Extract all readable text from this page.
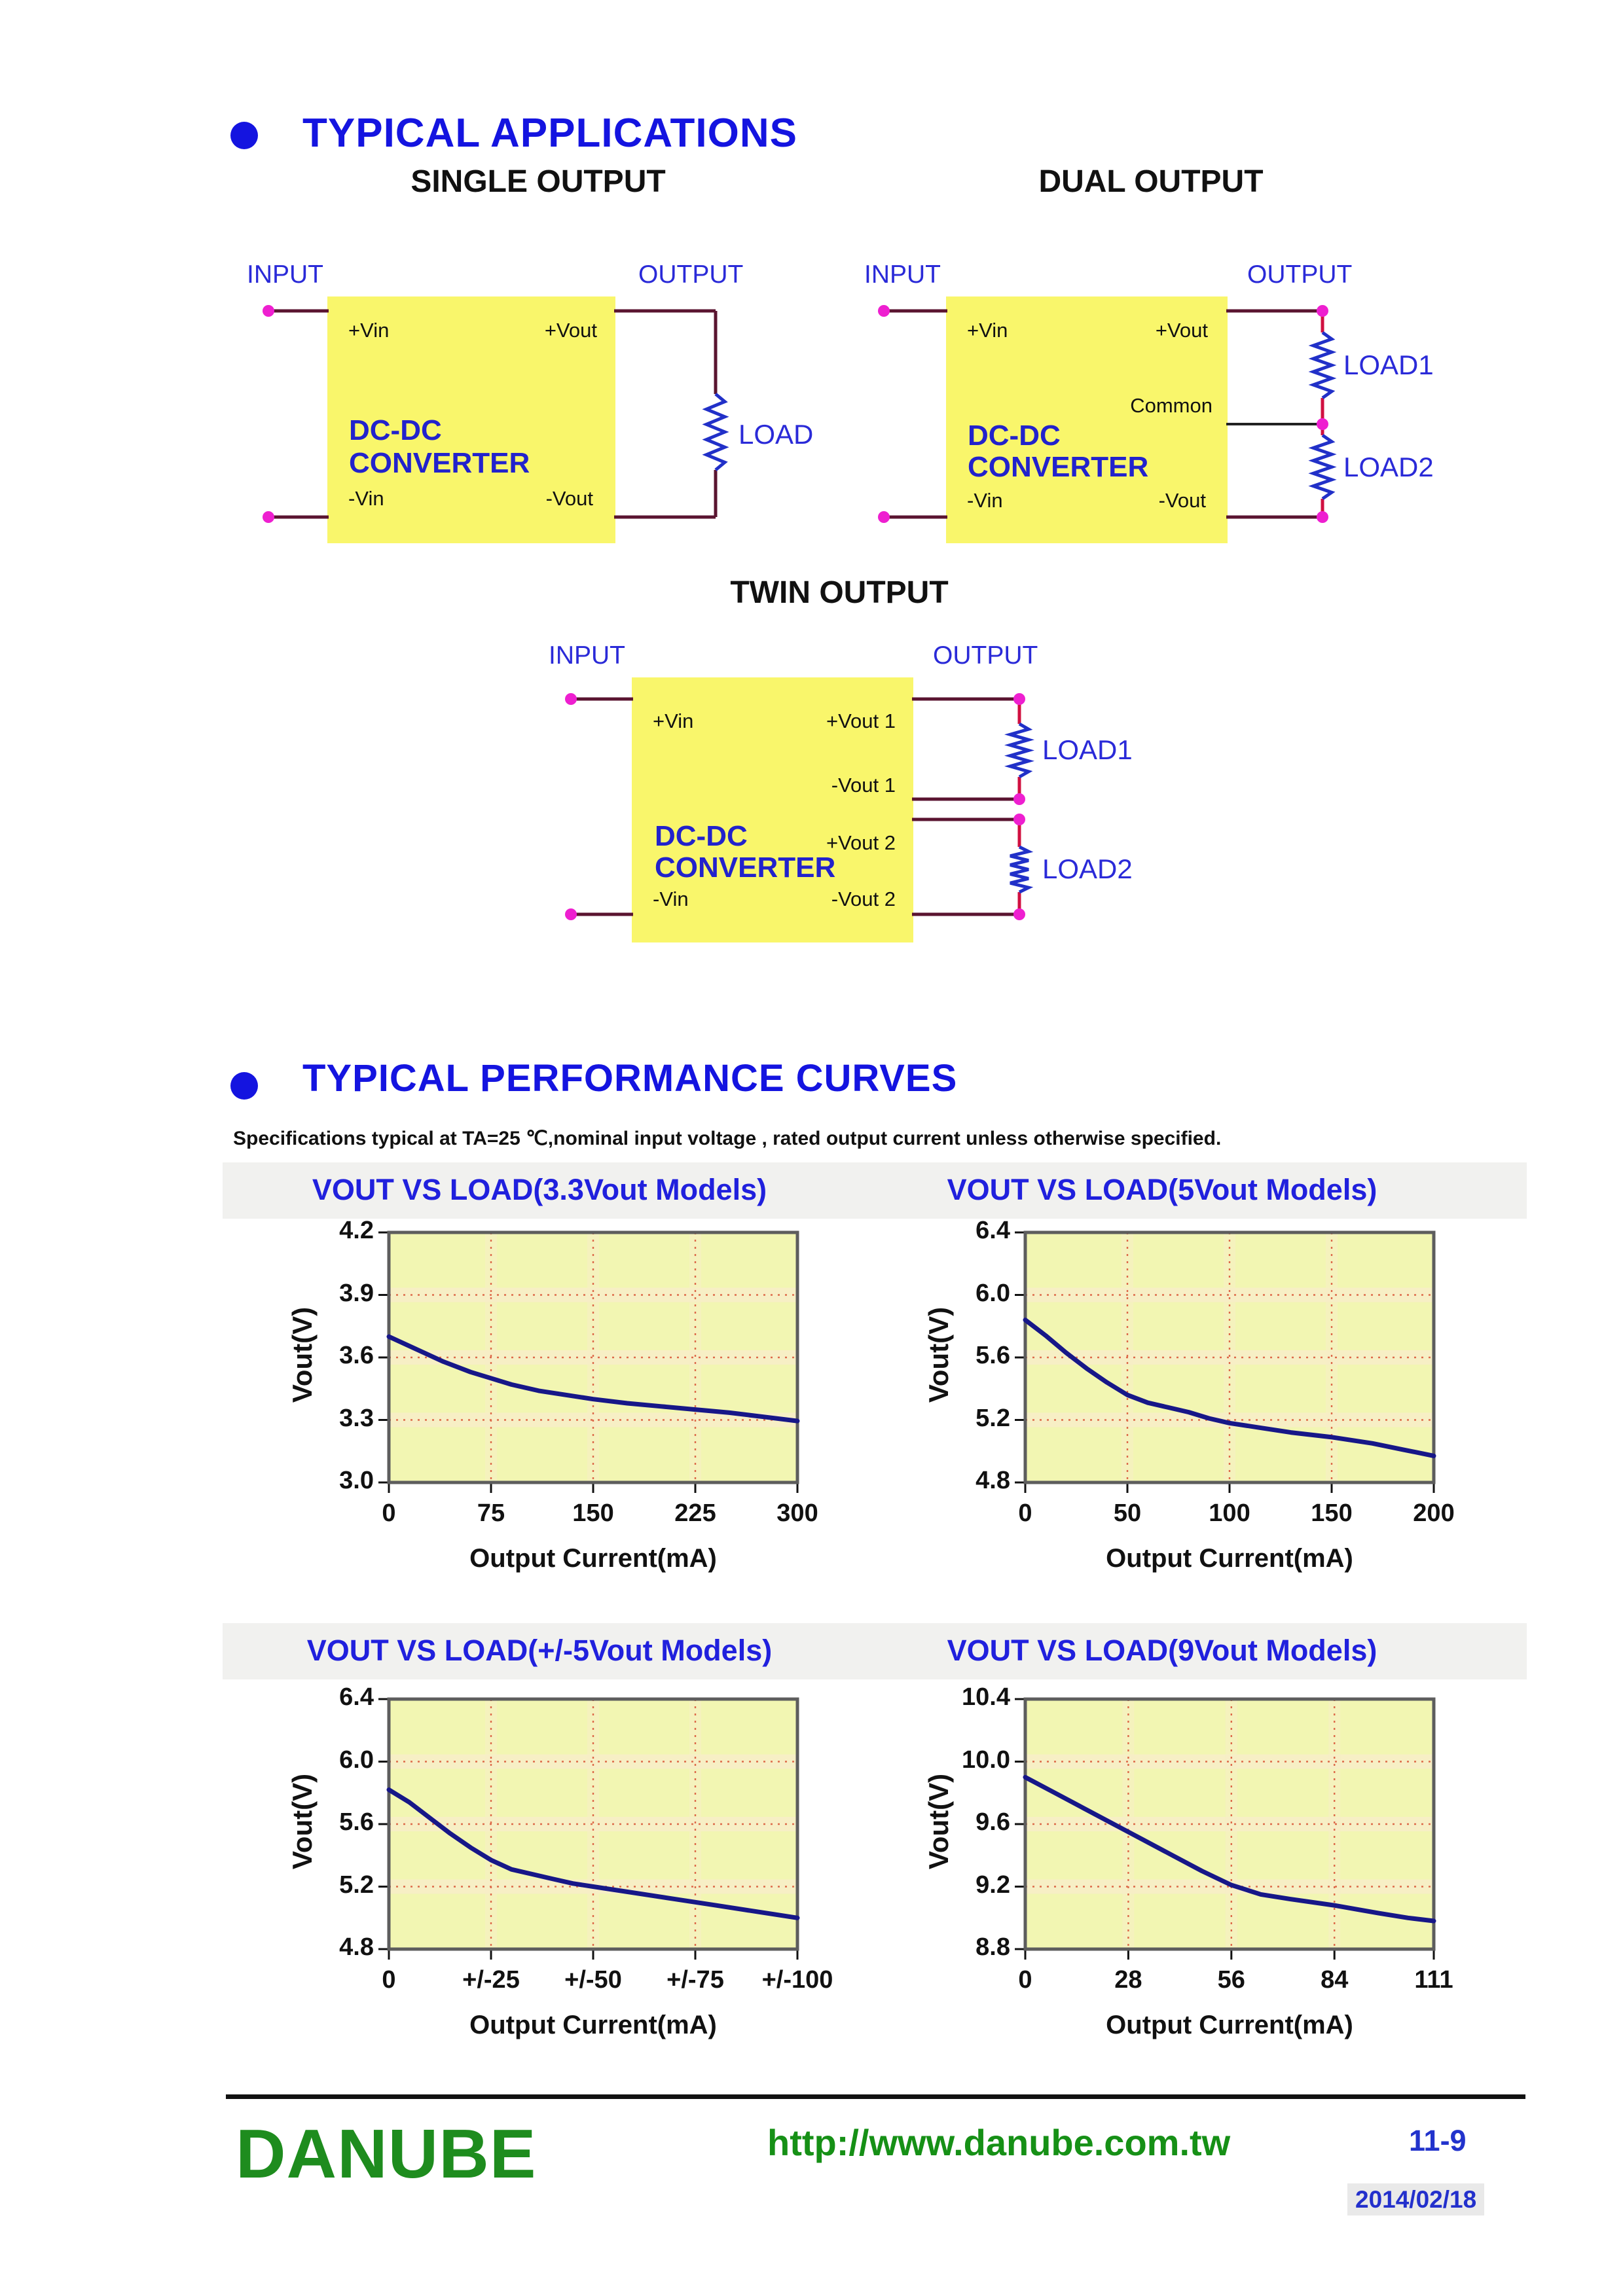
TYPICAL APPLICATIONS
SINGLE OUTPUT	DUAL OUTPUT
TWIN OUTPUT
INPUT	OUTPUT
+Vin	+Vout
-Vin	-Vout
DC-DC
CONVERTER
LOAD
INPUT	OUTPUT
+Vin	+Vout
Common
-Vin	-Vout
DC-DC
CONVERTER
LOAD1
LOAD2
INPUT	OUTPUT
+Vin	+Vout 1
-Vout 1
+Vout 2
-Vin	-Vout 2
DC-DC
CONVERTER
LOAD1
LOAD2
TYPICAL PERFORMANCE CURVES
Specifications typical at TA=25 ℃,nominal input voltage , rated output current unless otherwise specified.
VOUT VS LOAD(3.3Vout Models)	VOUT VS LOAD(5Vout Models)
VOUT VS LOAD(+/-5Vout Models)	VOUT VS LOAD(9Vout Models)
3.0
3.3
3.6
3.9
4.2
0	75	150	225	300
Vout(V)
Output Current(mA)
4.8
5.2
5.6
6.0
6.4
0	50	100	150	200
Vout(V)
Output Current(mA)
4.8
5.2
5.6
6.0
6.4
0	+/-25	+/-50	+/-75	+/-100
Vout(V)
Output Current(mA)
8.8
9.2
9.6
10.0
10.4
0	28	56	84	111
Vout(V)
Output Current(mA)
DANUBE	http://www.danube.com.tw	11-9
2014/02/18
